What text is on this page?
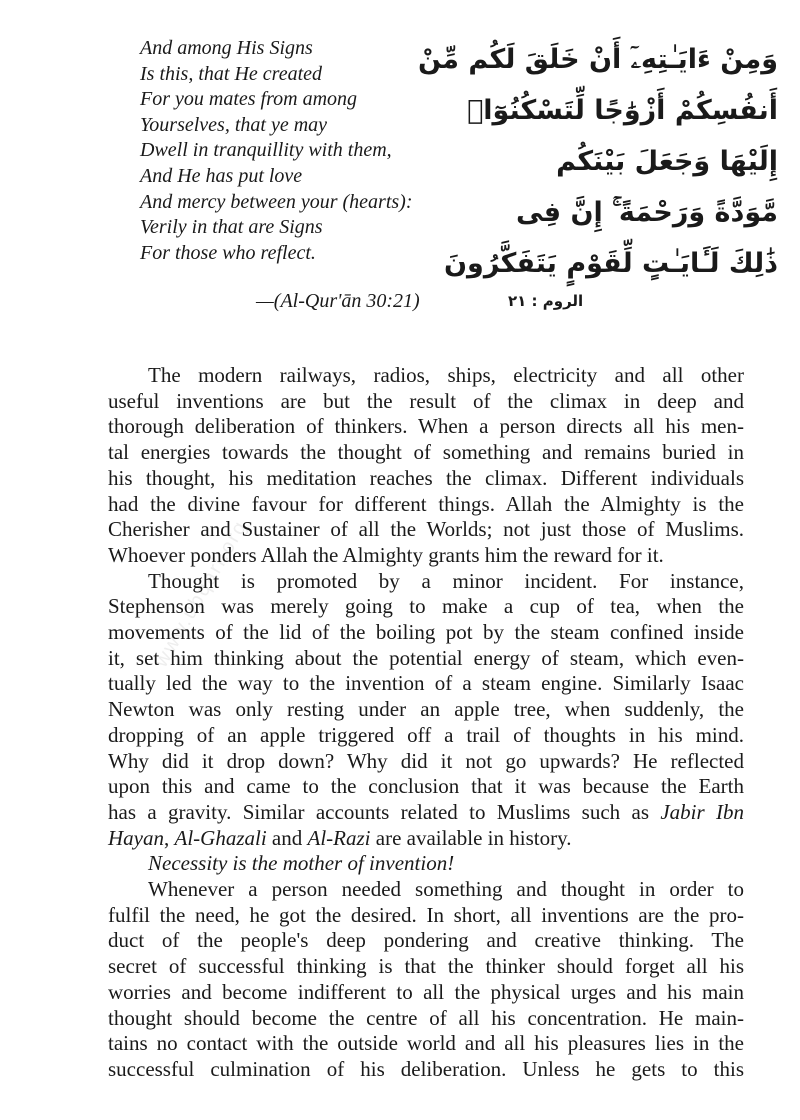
And among His Signs
Is this, that He created
For you mates from among
Yourselves, that ye may
Dwell in tranquillity with them,
And He has put love
And mercy between your (hearts):
Verily in that are Signs
For those who reflect.
وَمِنْ ءَايَـٰتِهِۦٓ أَنْ خَلَقَ لَكُم مِّنْ
أَنفُسِكُمْ أَزْوَٰجًا لِّتَسْكُنُوٓا۟
إِلَيْهَا وَجَعَلَ بَيْنَكُم
مَّوَدَّةً وَرَحْمَةً ۚ إِنَّ فِى
ذَٰلِكَ لَـَٔايَـٰتٍ لِّقَوْمٍ يَتَفَكَّرُونَ
—(Al-Qur'ān 30:21)	الروم : ٢١
www.ubqari.org
The modern railways, radios, ships, electricity and all other
useful inventions are but the result of the climax in deep and
thorough deliberation of thinkers. When a person directs all his men-
tal energies towards the thought of something and remains buried in
his thought, his meditation reaches the climax. Different individuals
had the divine favour for different things. Allah the Almighty is the
Cherisher and Sustainer of all the Worlds; not just those of Muslims.
Whoever ponders Allah the Almighty grants him the reward for it.
Thought is promoted by a minor incident. For instance,
Stephenson was merely going to make a cup of tea, when the
movements of the lid of the boiling pot by the steam confined inside
it, set him thinking about the potential energy of steam, which even-
tually led the way to the invention of a steam engine. Similarly Isaac
Newton was only resting under an apple tree, when suddenly, the
dropping of an apple triggered off a trail of thoughts in his mind.
Why did it drop down? Why did it not go upwards? He reflected
upon this and came to the conclusion that it was because the Earth
has a gravity. Similar accounts related to Muslims such as Jabir Ibn
Hayan, Al-Ghazali and Al-Razi are available in history.
Necessity is the mother of invention!
Whenever a person needed something and thought in order to
fulfil the need, he got the desired. In short, all inventions are the pro-
duct of the people's deep pondering and creative thinking. The
secret of successful thinking is that the thinker should forget all his
worries and become indifferent to all the physical urges and his main
thought should become the centre of all his concentration. He main-
tains no contact with the outside world and all his pleasures lies in the
successful culmination of his deliberation. Unless he gets to this
